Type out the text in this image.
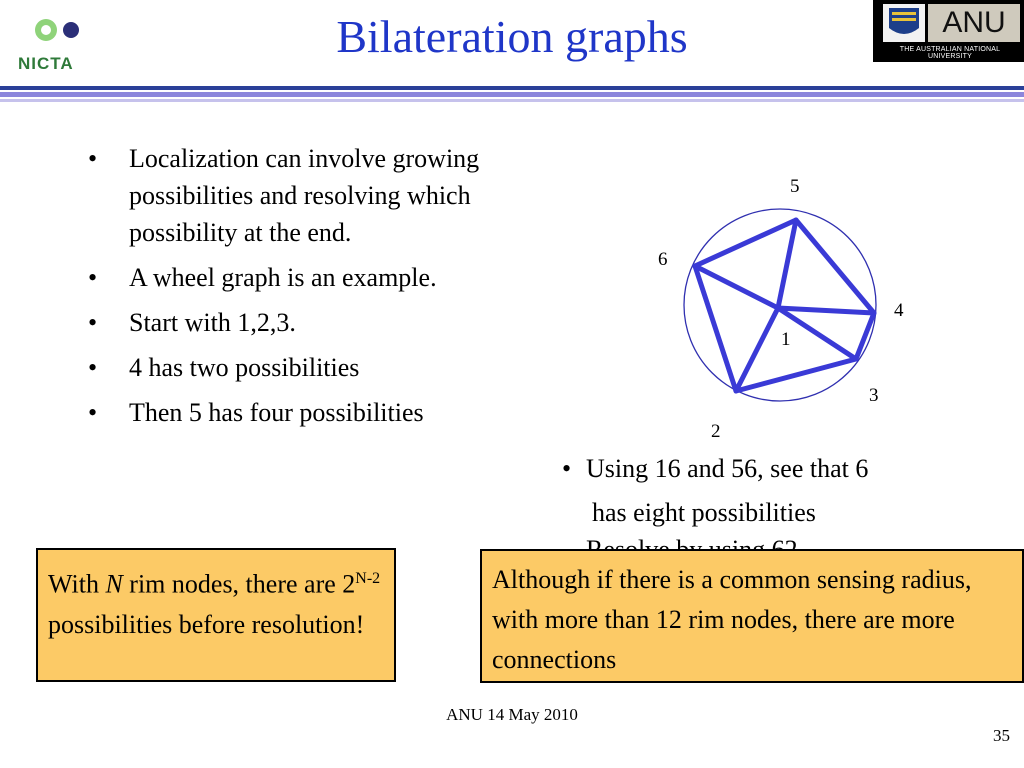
NICTA
Bilateration graphs	ANU
THE AUSTRALIAN NATIONAL UNIVERSITY
• Localization can involve growing possibilities and resolving which possibility at the end.
• A wheel graph is an example.
• Start with 1,2,3.
• 4 has two possibilities
• Then 5 has four possibilities
1
2
3
4
5
6
• Using 16 and 56, see that 6
has eight possibilities
With N rim nodes, there are $2^{N-2}$ possibilities before resolution!
Although if there is a common sensing radius, with more than 12 rim nodes, there are more connections
ANU 14 May 2010
35
